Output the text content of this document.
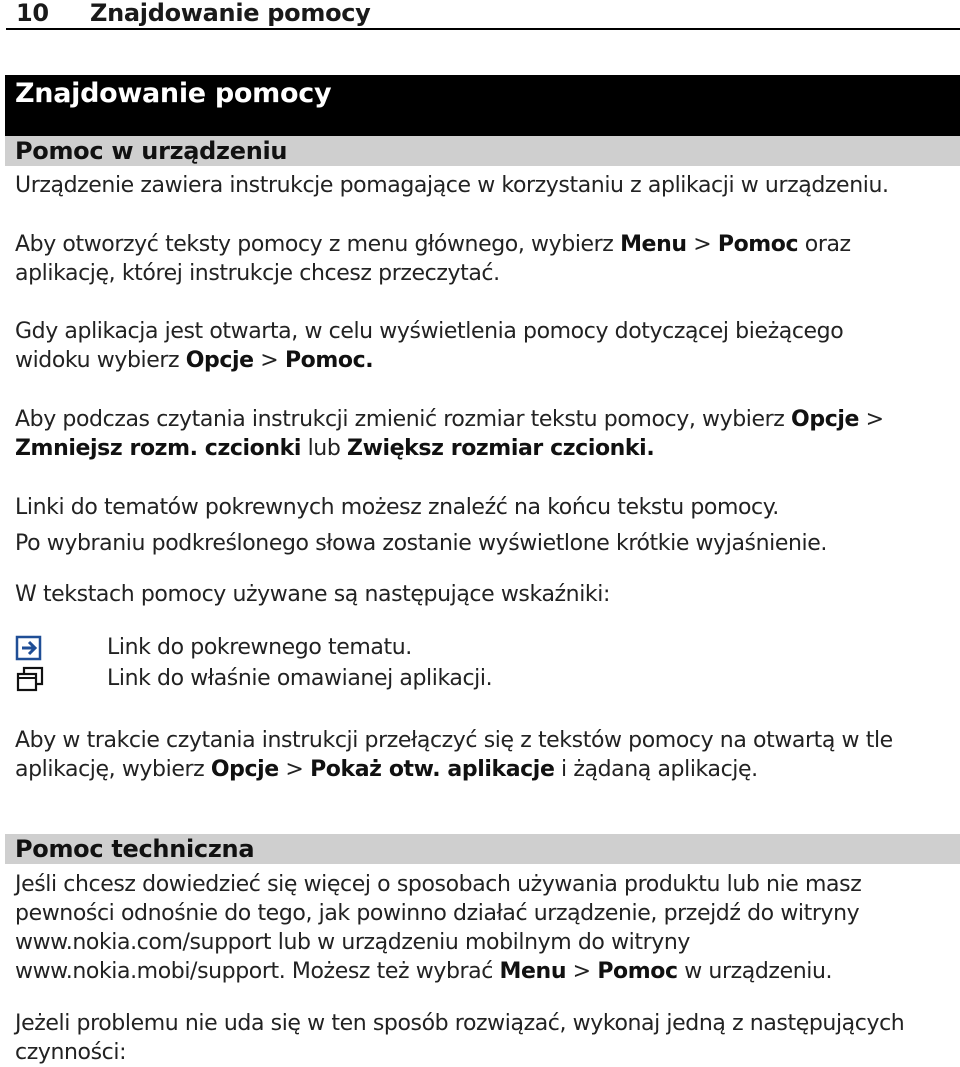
10 Znajdowanie pomocy
Znajdowanie pomocy
Pomoc w urządzeniu
Urządzenie zawiera instrukcje pomagające w korzystaniu z aplikacji w urządzeniu.
Aby otworzyć teksty pomocy z menu głównego, wybierz Menu > Pomoc oraz
aplikację, której instrukcje chcesz przeczytać.
Gdy aplikacja jest otwarta, w celu wyświetlenia pomocy dotyczącej bieżącego
widoku wybierz Opcje > Pomoc.
Aby podczas czytania instrukcji zmienić rozmiar tekstu pomocy, wybierz Opcje >
Zmniejsz rozm. czcionki lub Zwiększ rozmiar czcionki.
Linki do tematów pokrewnych możesz znaleźć na końcu tekstu pomocy.
Po wybraniu podkreślonego słowa zostanie wyświetlone krótkie wyjaśnienie.
W tekstach pomocy używane są następujące wskaźniki:
Link do pokrewnego tematu.
Link do właśnie omawianej aplikacji.
Aby w trakcie czytania instrukcji przełączyć się z tekstów pomocy na otwartą w tle
aplikację, wybierz Opcje > Pokaż otw. aplikacje i żądaną aplikację.
Pomoc techniczna
Jeśli chcesz dowiedzieć się więcej o sposobach używania produktu lub nie masz
pewności odnośnie do tego, jak powinno działać urządzenie, przejdź do witryny
www.nokia.com/support lub w urządzeniu mobilnym do witryny
www.nokia.mobi/support. Możesz też wybrać Menu > Pomoc w urządzeniu.
Jeżeli problemu nie uda się w ten sposób rozwiązać, wykonaj jedną z następujących
czynności:
